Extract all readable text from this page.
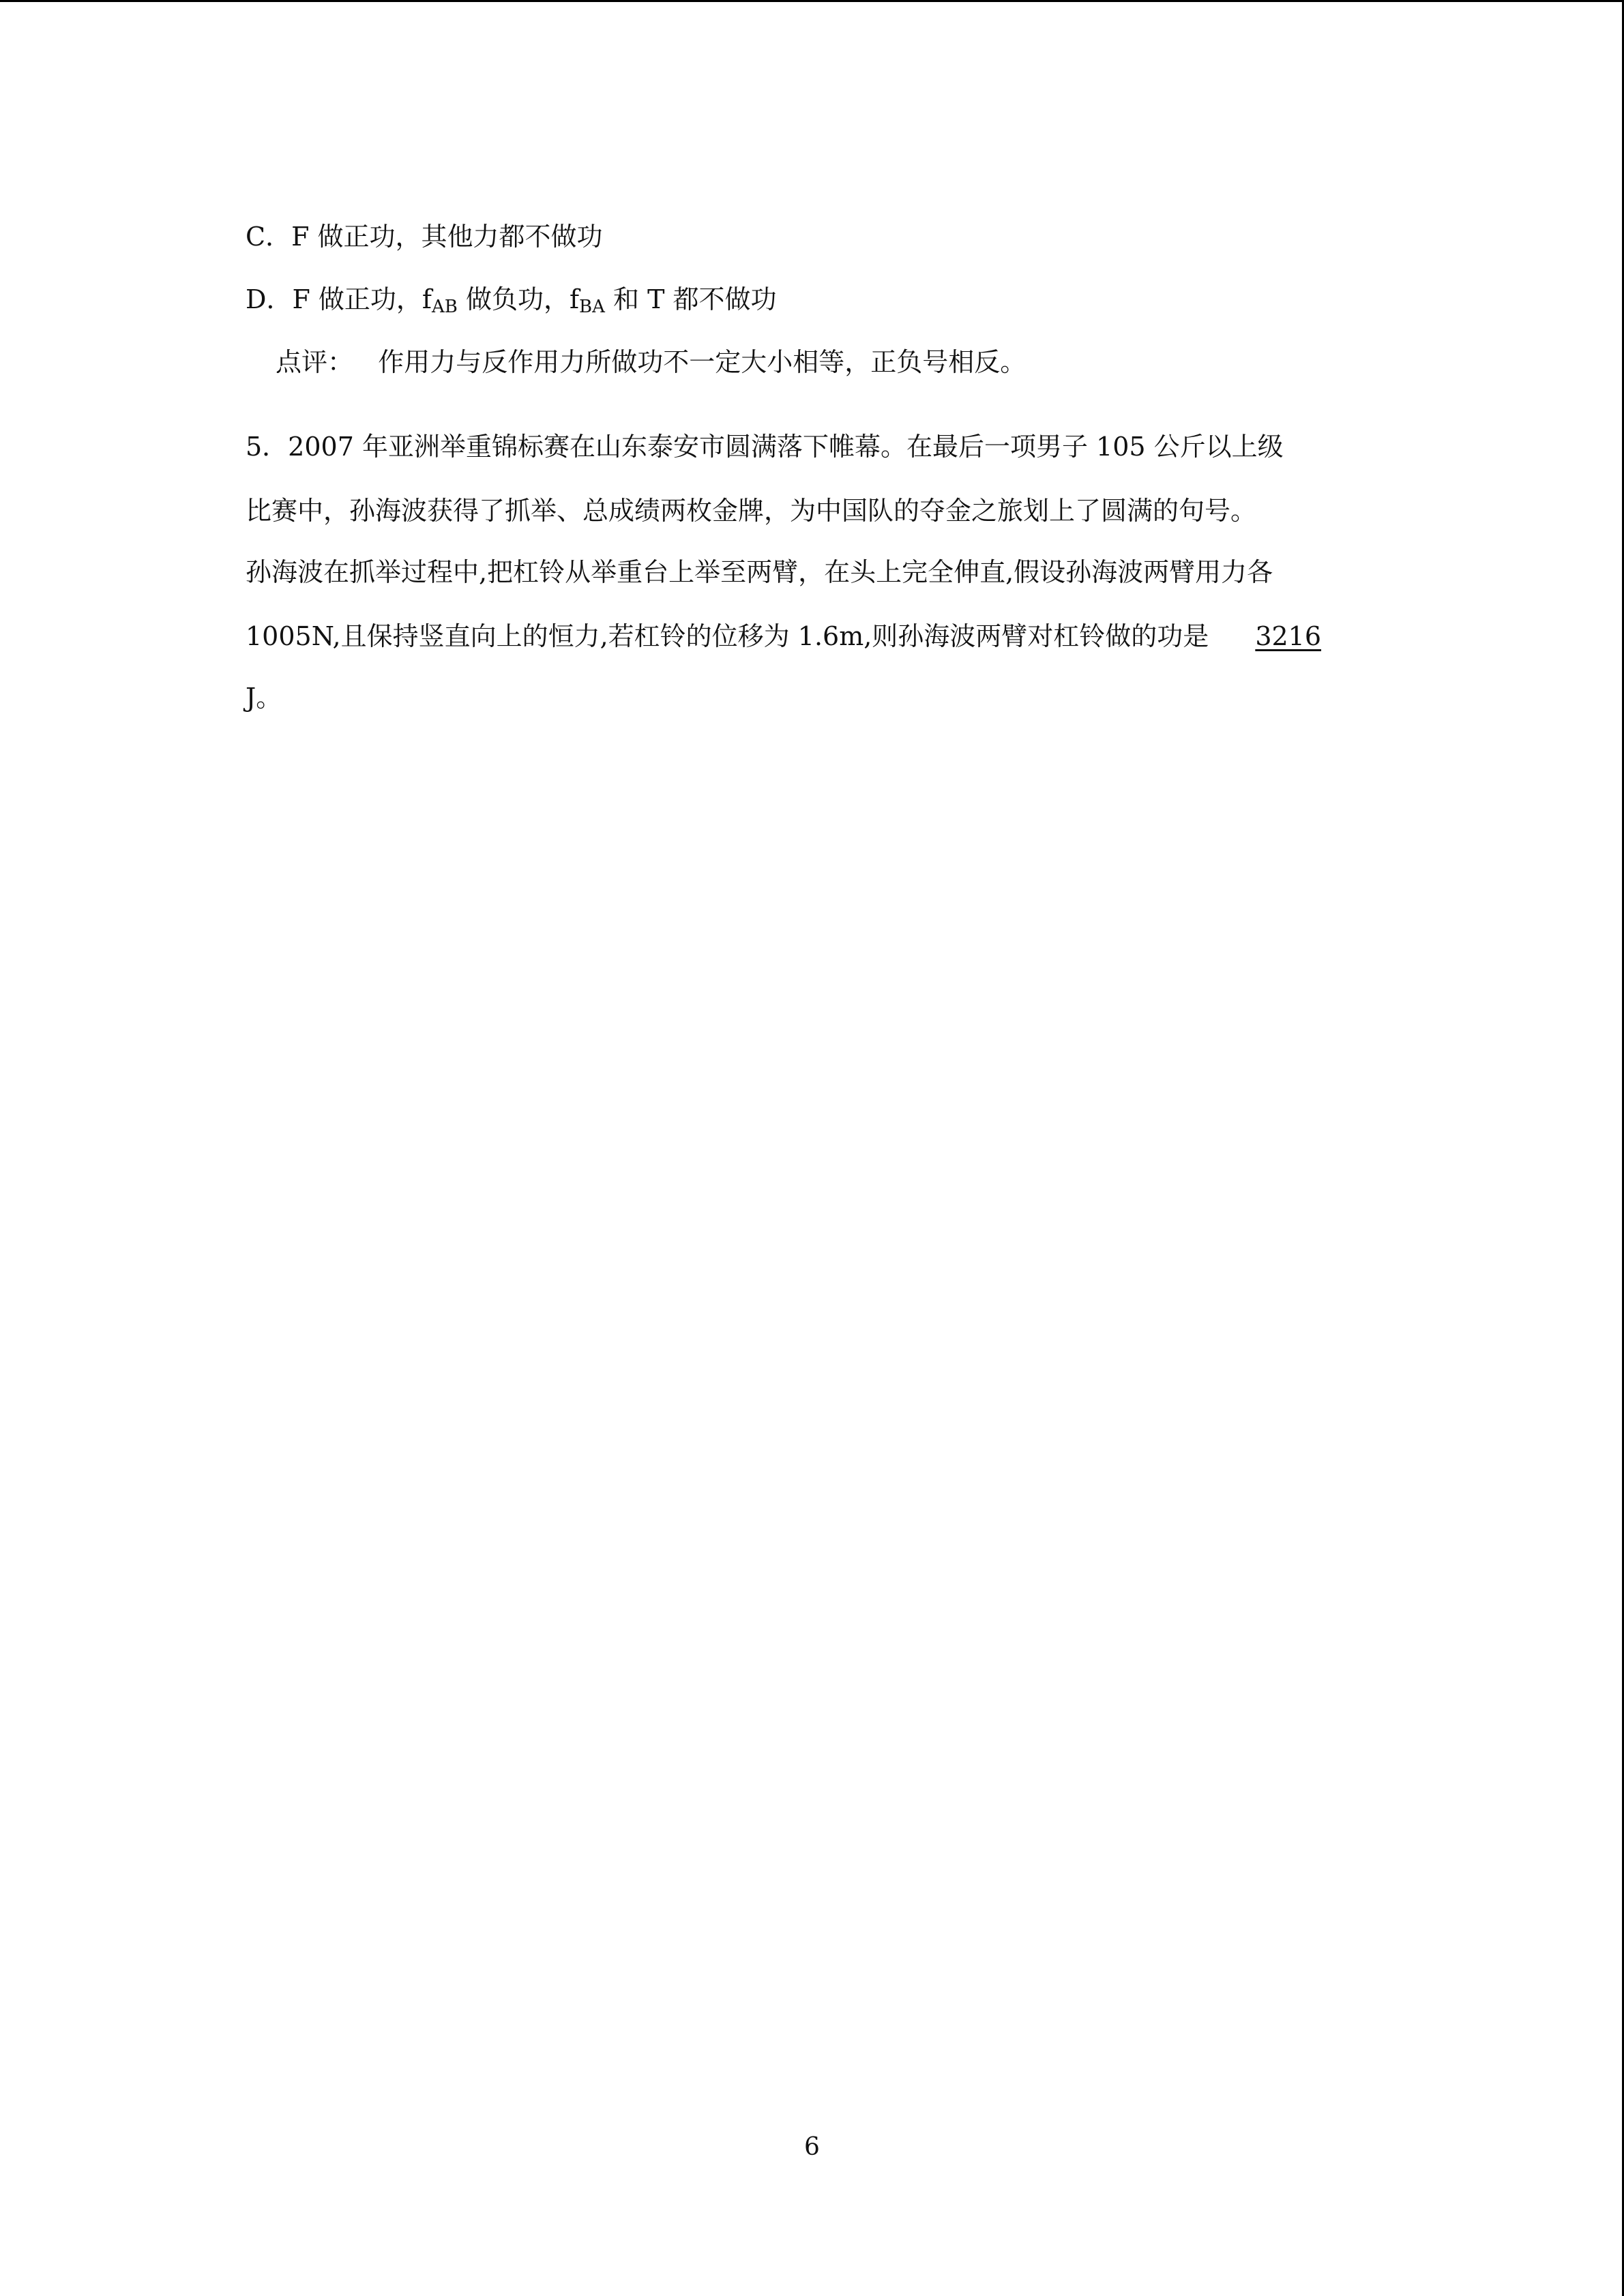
C．F 做正功，其他力都不做功
D．F 做正功，$f_{AB}$ 做负功，$f_{BA}$ 和 T 都不做功
点评： 作用力与反作用力所做功不一定大小相等，正负号相反。
5．2007 年亚洲举重锦标赛在山东泰安市圆满落下帷幕。在最后一项男子 105 公斤以上级
比赛中，孙海波获得了抓举、总成绩两枚金牌，为中国队的夺金之旅划上了圆满的句号。
孙海波在抓举过程中,把杠铃从举重台上举至两臂，在头上完全伸直,假设孙海波两臂用力各
1005N,且保持竖直向上的恒力,若杠铃的位移为 1.6m,则孙海波两臂对杠铃做的功是 3216
J。
6
